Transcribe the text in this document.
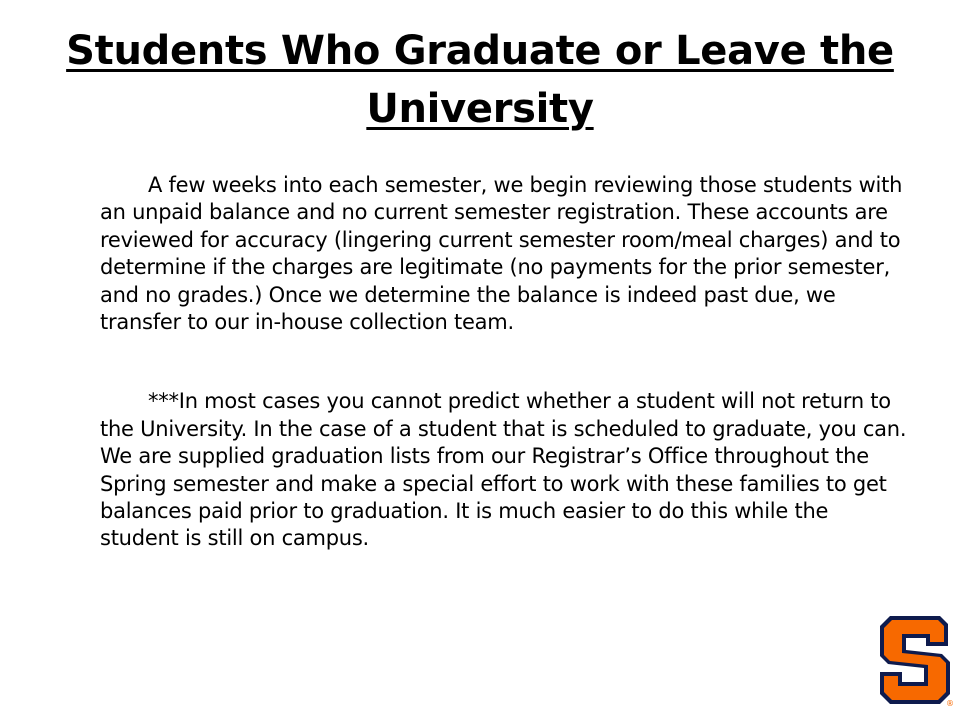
Students Who Graduate or Leave the University

A few weeks into each semester, we begin reviewing those students with an unpaid balance and no current semester registration. These accounts are reviewed for accuracy (lingering current semester room/meal charges) and to determine if the charges are legitimate (no payments for the prior semester, and no grades.) Once we determine the balance is indeed past due, we transfer to our in-house collection team.

***In most cases you cannot predict whether a student will not return to the University. In the case of a student that is scheduled to graduate, you can. We are supplied graduation lists from our Registrar’s Office throughout the Spring semester and make a special effort to work with these families to get balances paid prior to graduation. It is much easier to do this while the student is still on campus.

®
